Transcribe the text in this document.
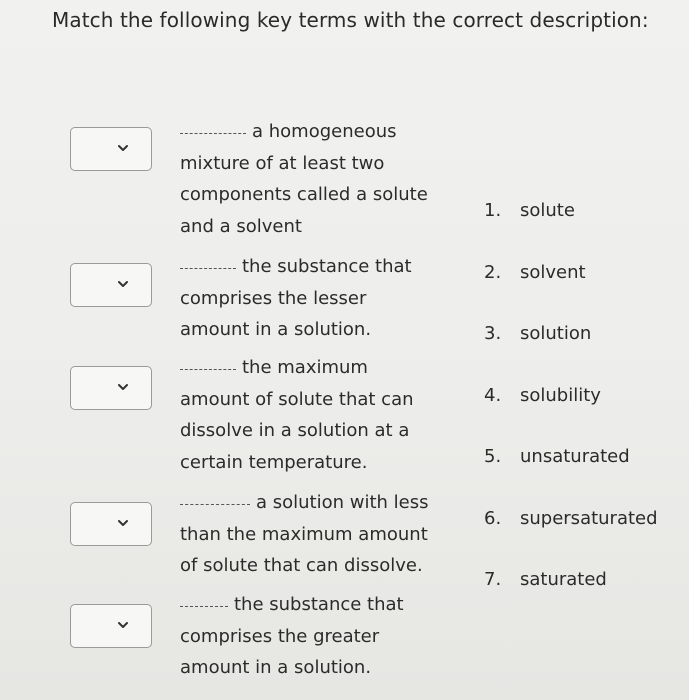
Match the following key terms with the correct description:
a homogeneous
mixture of at least two
components called a solute
and a solvent
the substance that
comprises the lesser
amount in a solution.
the maximum
amount of solute that can
dissolve in a solution at a
certain temperature.
a solution with less
than the maximum amount
of solute that can dissolve.
the substance that
comprises the greater
amount in a solution.
1. solute
2. solvent
3. solution
4. solubility
5. unsaturated
6. supersaturated
7. saturated
